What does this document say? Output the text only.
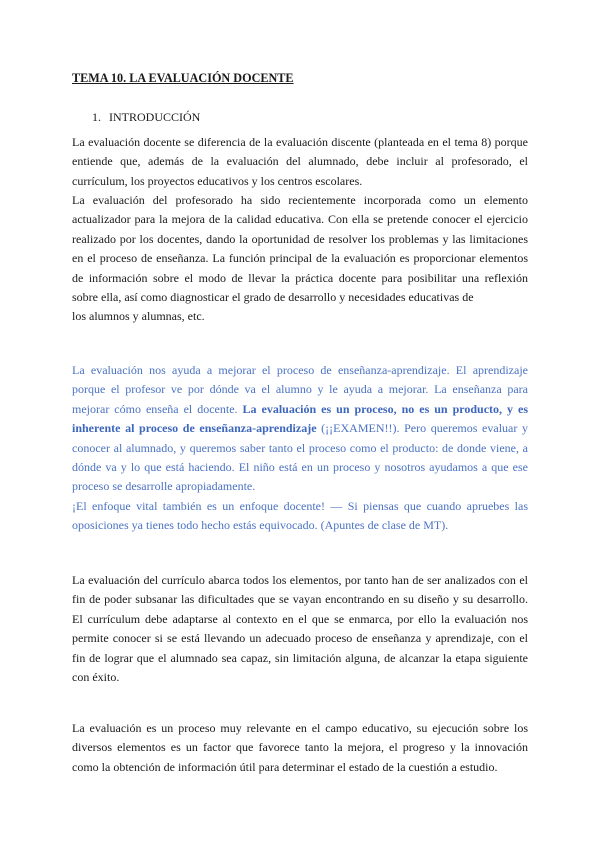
TEMA 10. LA EVALUACIÓN DOCENTE
1. INTRODUCCIÓN
La evaluación docente se diferencia de la evaluación discente (planteada en el tema 8) porque
entiende que, además de la evaluación del alumnado, debe incluir al profesorado, el
currículum, los proyectos educativos y los centros escolares.
La evaluación del profesorado ha sido recientemente incorporada como un elemento
actualizador para la mejora de la calidad educativa. Con ella se pretende conocer el ejercicio
realizado por los docentes, dando la oportunidad de resolver los problemas y las limitaciones
en el proceso de enseñanza. La función principal de la evaluación es proporcionar elementos
de información sobre el modo de llevar la práctica docente para posibilitar una reflexión
sobre ella, así como diagnosticar el grado de desarrollo y necesidades educativas de
los alumnos y alumnas, etc.
La evaluación nos ayuda a mejorar el proceso de enseñanza-aprendizaje. El aprendizaje
porque el profesor ve por dónde va el alumno y le ayuda a mejorar. La enseñanza para
mejorar cómo enseña el docente. La evaluación es un proceso, no es un producto, y es
inherente al proceso de enseñanza-aprendizaje (¡¡EXAMEN!!). Pero queremos evaluar y
conocer al alumnado, y queremos saber tanto el proceso como el producto: de donde viene, a
dónde va y lo que está haciendo. El niño está en un proceso y nosotros ayudamos a que ese
proceso se desarrolle apropiadamente.
¡El enfoque vital también es un enfoque docente! — Si piensas que cuando apruebes las
oposiciones ya tienes todo hecho estás equivocado. (Apuntes de clase de MT).
La evaluación del currículo abarca todos los elementos, por tanto han de ser analizados con el
fin de poder subsanar las dificultades que se vayan encontrando en su diseño y su desarrollo.
El currículum debe adaptarse al contexto en el que se enmarca, por ello la evaluación nos
permite conocer si se está llevando un adecuado proceso de enseñanza y aprendizaje, con el
fin de lograr que el alumnado sea capaz, sin limitación alguna, de alcanzar la etapa siguiente
con éxito.
La evaluación es un proceso muy relevante en el campo educativo, su ejecución sobre los
diversos elementos es un factor que favorece tanto la mejora, el progreso y la innovación
como la obtención de información útil para determinar el estado de la cuestión a estudio.
